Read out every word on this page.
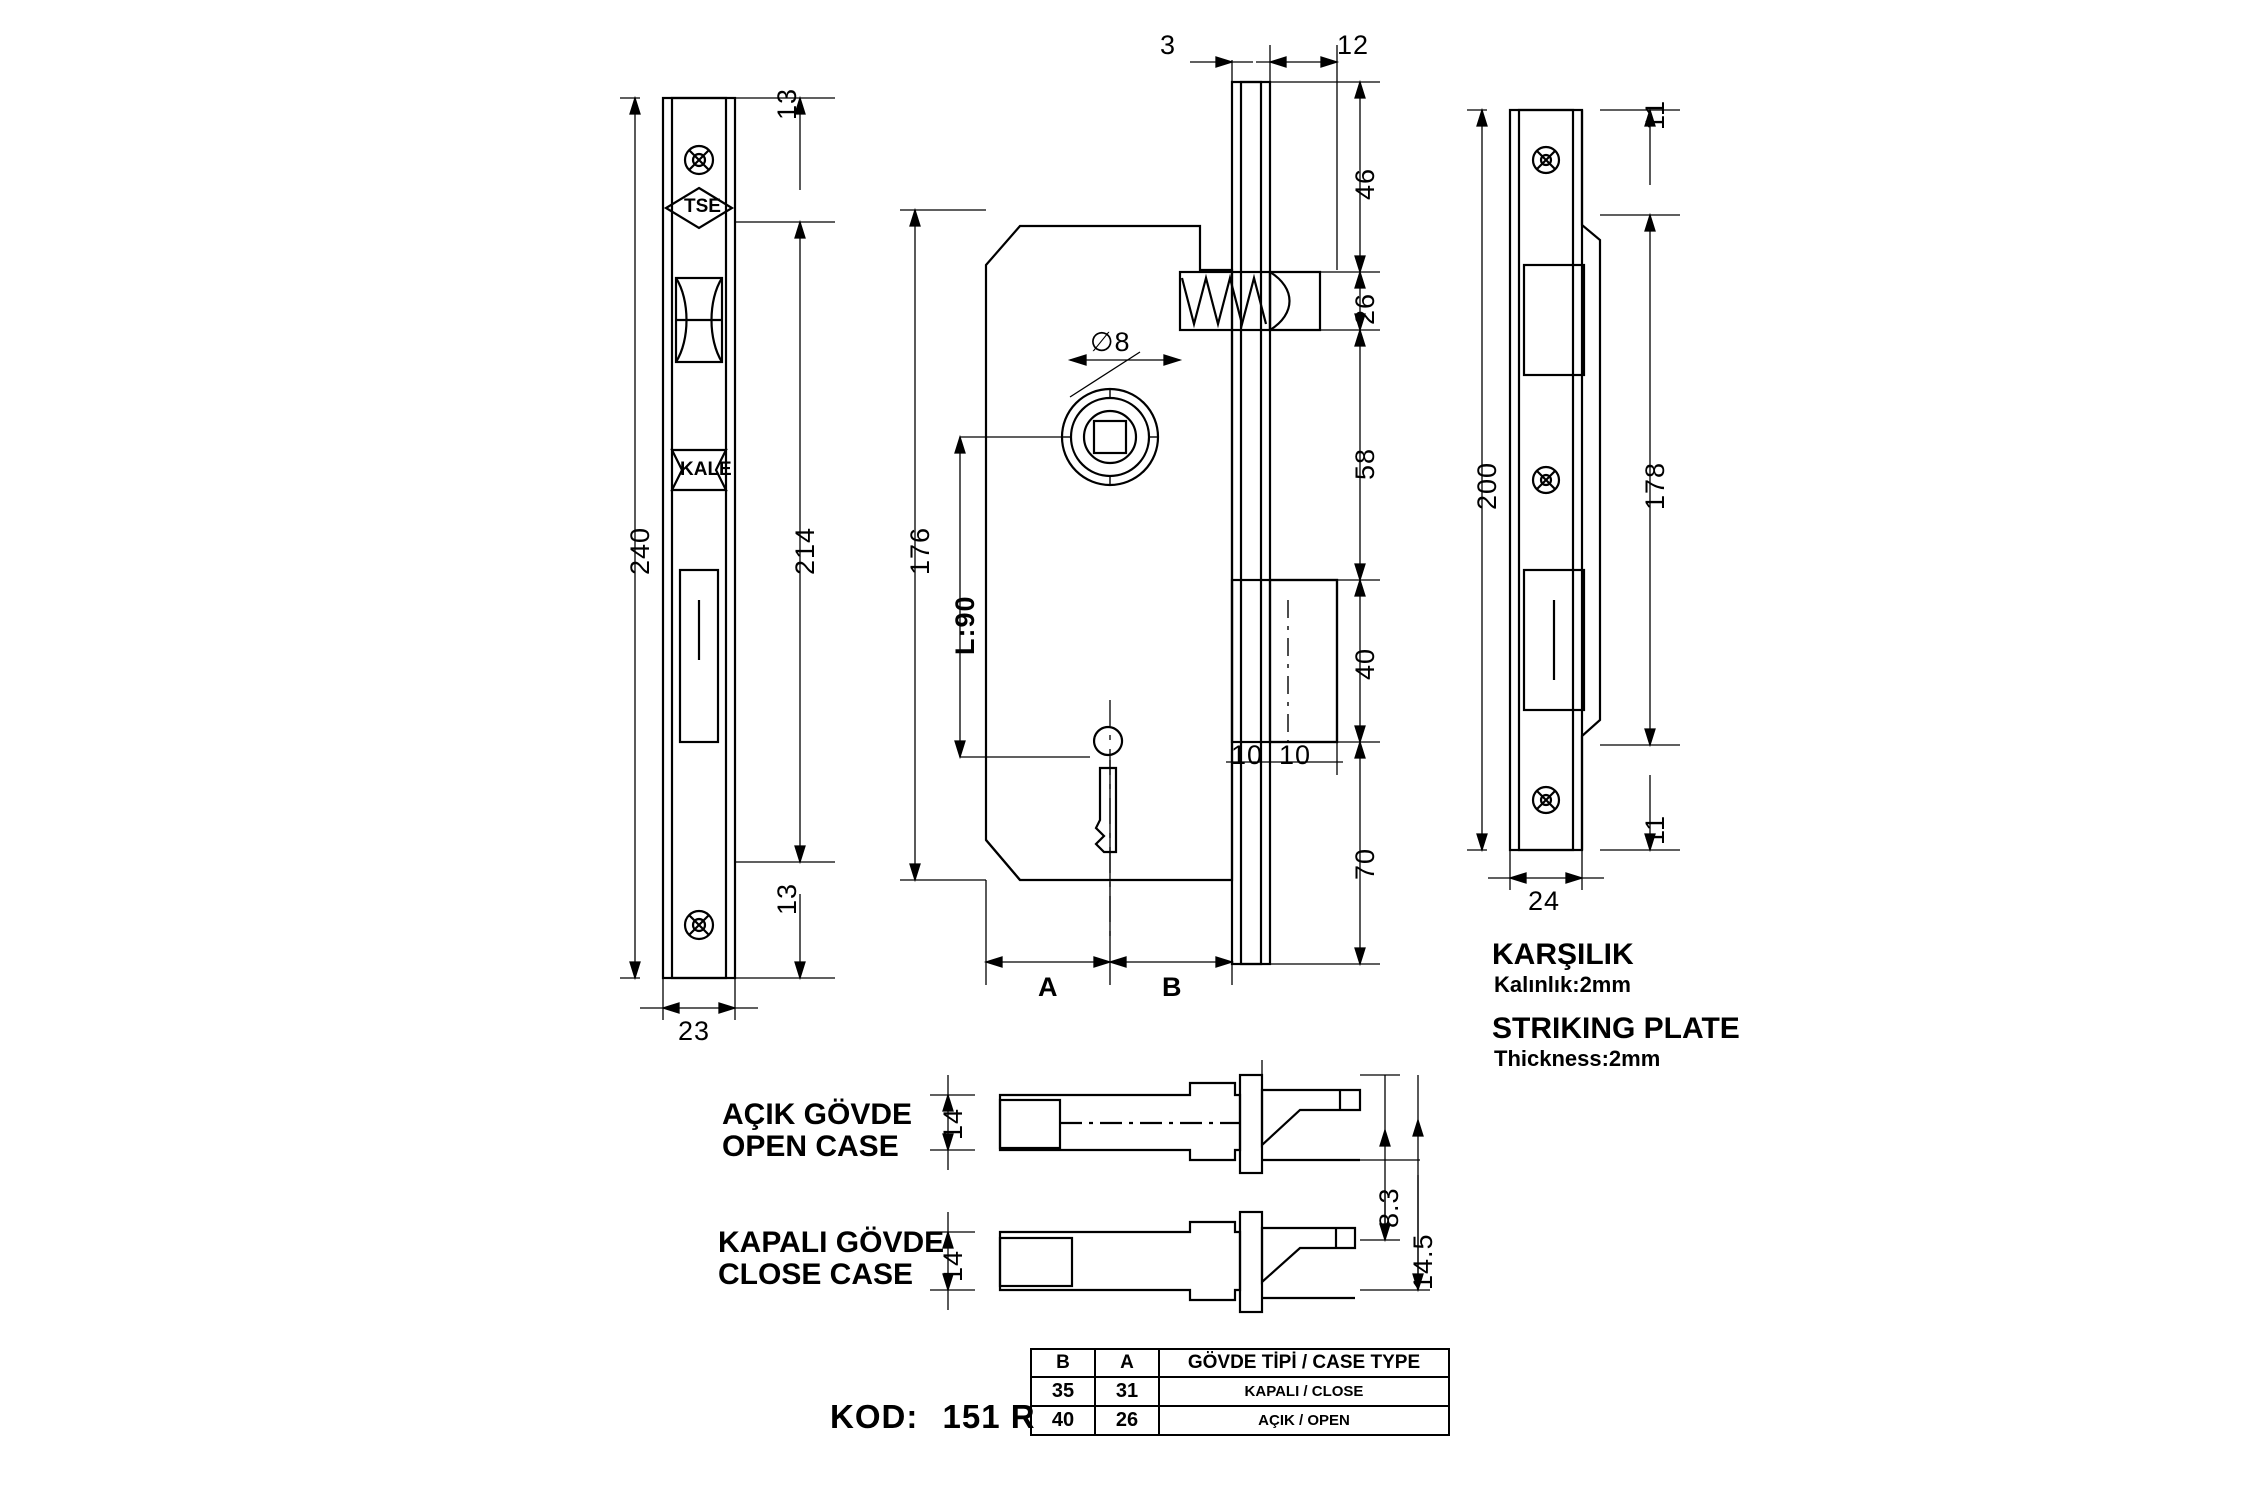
13
13
214
240
23
TSE
KALE
3	12
46
26
58
40
70
176
L:90
∅8
10 10
A	B
11
11
178
200
24
KARŞILIK
Kalınlık:2mm
STRIKING PLATE
Thickness:2mm
AÇIK GÖVDE
OPEN CASE
KAPALI GÖVDE
CLOSE CASE
14
14
8.3
14.5
KOD: 151 R
B	A	GÖVDE TİPİ / CASE TYPE
35	31	KAPALI / CLOSE
40	26	AÇIK / OPEN
